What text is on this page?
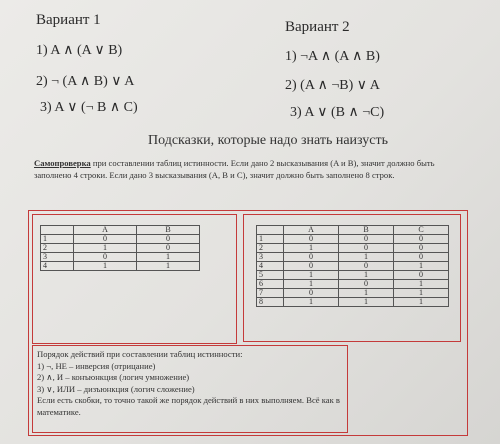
Вариант 1
1) A ∧ (A ∨ B)
2) ¬ (A ∧ B) ∨ A
3) A ∨ (¬ B ∧ C)
Вариант 2
1) ¬A ∧ (A ∧ B)
2) (A ∧ ¬B) ∨ A
3) A ∨ (B ∧ ¬C)
Подсказки, которые надо знать наизусть
Самопроверка при составлении таблиц истинности. Если дано 2 высказывания (A и B), значит должно быть заполнено 4 строки. Если дано 3 высказывания (A, B и C), значит должно быть заполнено 8 строк.
	A	B
1	0	0
2	1	0
3	0	1
4	1	1
	A	B	C
1	0	0	0
2	1	0	0
3	0	1	0
4	0	0	1
5	1	1	0
6	1	0	1
7	0	1	1
8	1	1	1
Порядок действий при составлении таблиц истинности:
1) ¬, НЕ – инверсия (отрицание)
2) ∧, И – конъюнкция (логич умножение)
3) ∨, ИЛИ – дизъюнкция (логич сложение)
Если есть скобки, то точно такой же порядок действий в них выполняем. Всё как в математике.
